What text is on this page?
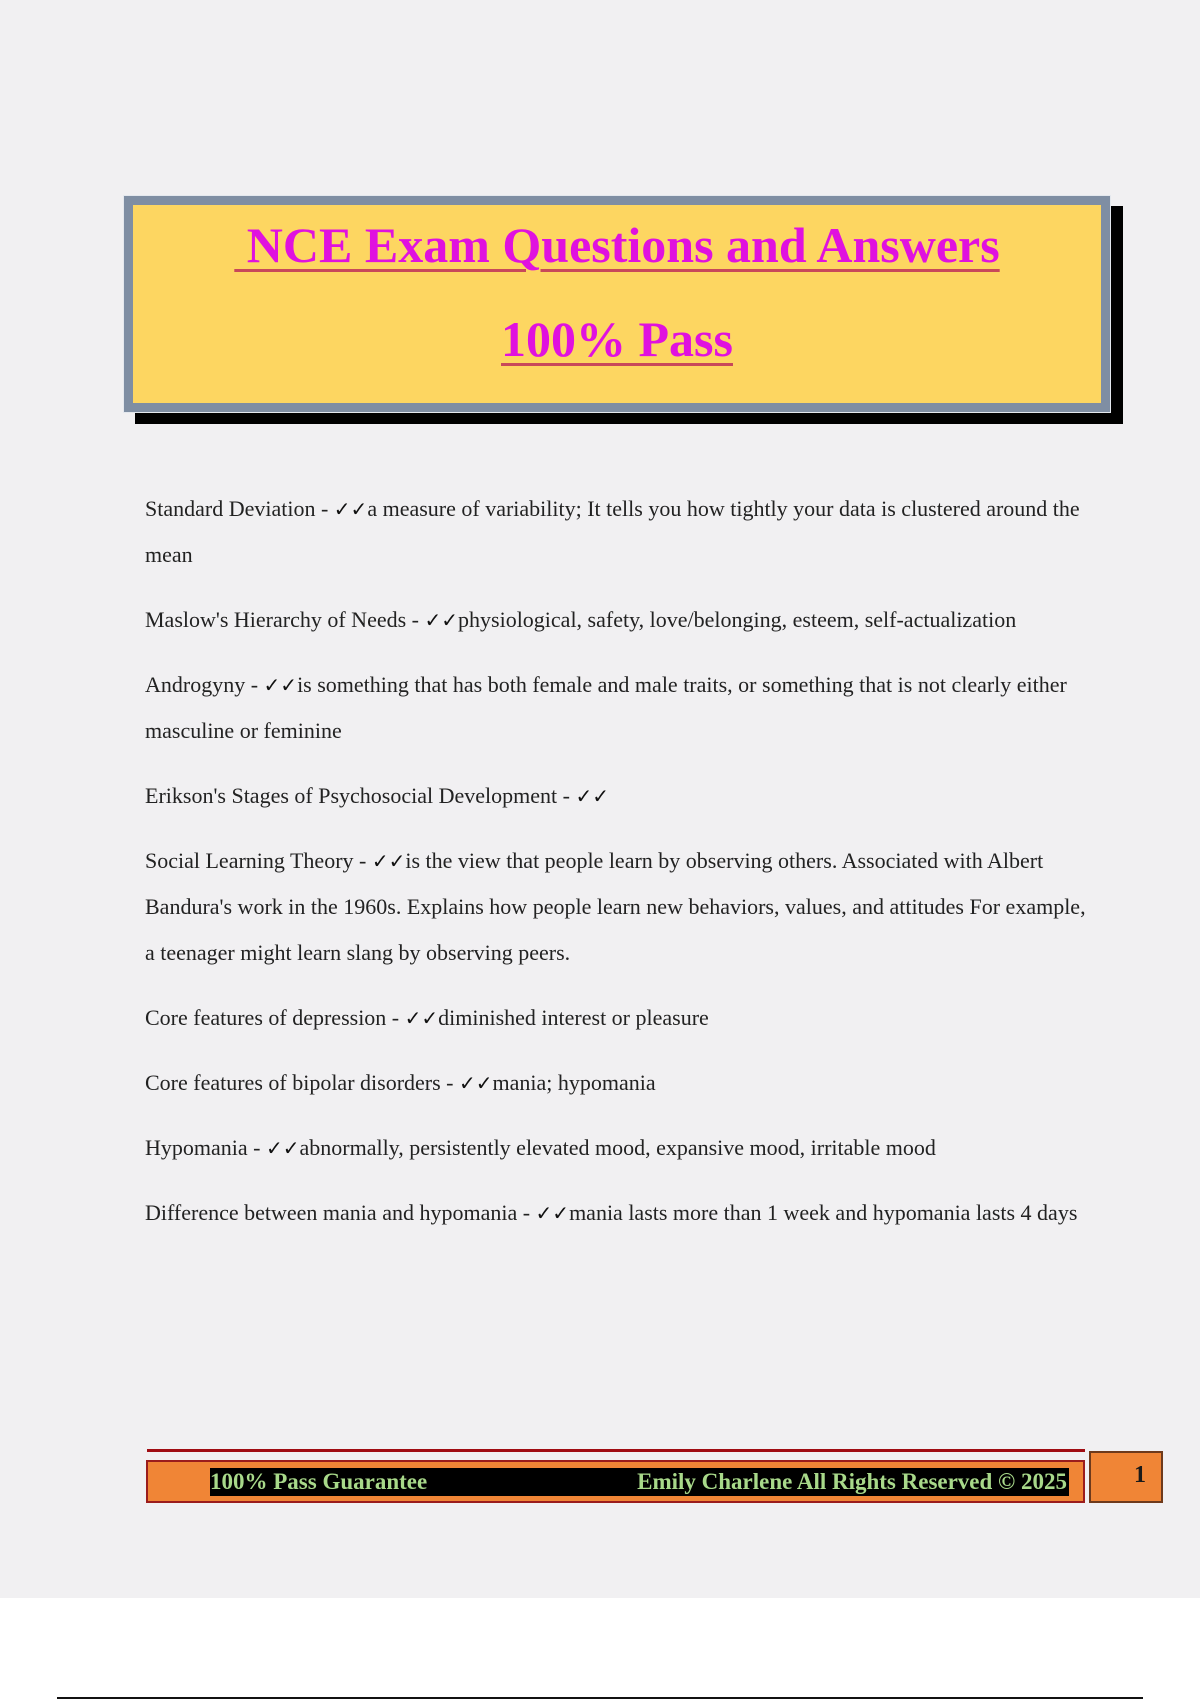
NCE Exam Questions and Answers
100% Pass

Standard Deviation - ✓✓a measure of variability; It tells you how tightly your data is clustered around the mean

Maslow's Hierarchy of Needs - ✓✓physiological, safety, love/belonging, esteem, self-actualization

Androgyny - ✓✓is something that has both female and male traits, or something that is not clearly either masculine or feminine

Erikson's Stages of Psychosocial Development - ✓✓

Social Learning Theory - ✓✓is the view that people learn by observing others. Associated with Albert Bandura's work in the 1960s. Explains how people learn new behaviors, values, and attitudes For example, a teenager might learn slang by observing peers.

Core features of depression - ✓✓diminished interest or pleasure

Core features of bipolar disorders - ✓✓mania; hypomania

Hypomania - ✓✓abnormally, persistently elevated mood, expansive mood, irritable mood

Difference between mania and hypomania - ✓✓mania lasts more than 1 week and hypomania lasts 4 days

100% Pass Guarantee	Emily Charlene All Rights Reserved © 2025	1
